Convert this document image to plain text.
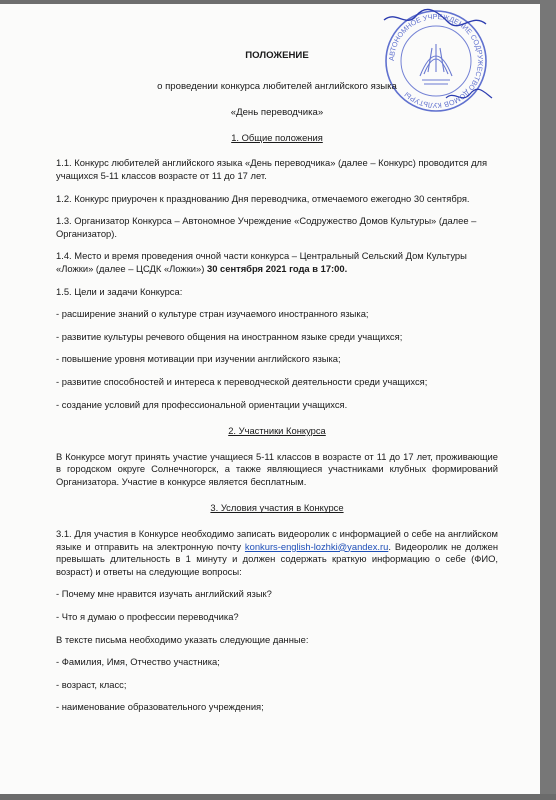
АВТОНОМНОЕ УЧРЕЖДЕНИЕ СОДРУЖЕСТВО ДОМОВ КУЛЬТУРЫ
ПОЛОЖЕНИЕ
о проведении конкурса любителей английского языка
«День переводчика»
1. Общие положения

1.1. Конкурс любителей английского языка «День переводчика» (далее – Конкурс) проводится для учащихся 5-11 классов возрасте от 11 до 17 лет.

1.2. Конкурс приурочен к празднованию Дня переводчика, отмечаемого ежегодно 30 сентября.

1.3. Организатор Конкурса – Автономное Учреждение «Содружество Домов Культуры» (далее – Организатор).

1.4. Место и время проведения очной части конкурса – Центральный Сельский Дом Культуры «Ложки» (далее – ЦСДК «Ложки») 30 сентября 2021 года в 17:00.

1.5. Цели и задачи Конкурса:

- расширение знаний о культуре стран изучаемого иностранного языка;

- развитие культуры речевого общения на иностранном языке среди учащихся;

- повышение уровня мотивации при изучении английского языка;

- развитие способностей и интереса к переводческой деятельности среди учащихся;

- создание условий для профессиональной ориентации учащихся.

2. Участники Конкурса

В Конкурсе могут принять участие учащиеся 5-11 классов в возрасте от 11 до 17 лет, проживающие в городском округе Солнечногорск, а также являющиеся участниками клубных формирований Организатора. Участие в конкурсе является бесплатным.

3. Условия участия в Конкурсе

3.1. Для участия в Конкурсе необходимо записать видеоролик с информацией о себе на английском языке и отправить на электронную почту konkurs-english-lozhki@yandex.ru. Видеоролик не должен превышать длительность в 1 минуту и должен содержать краткую информацию о себе (ФИО, возраст) и ответы на следующие вопросы:

- Почему мне нравится изучать английский язык?

- Что я думаю о профессии переводчика?

В тексте письма необходимо указать следующие данные:

- Фамилия, Имя, Отчество участника;

- возраст, класс;

- наименование образовательного учреждения;
